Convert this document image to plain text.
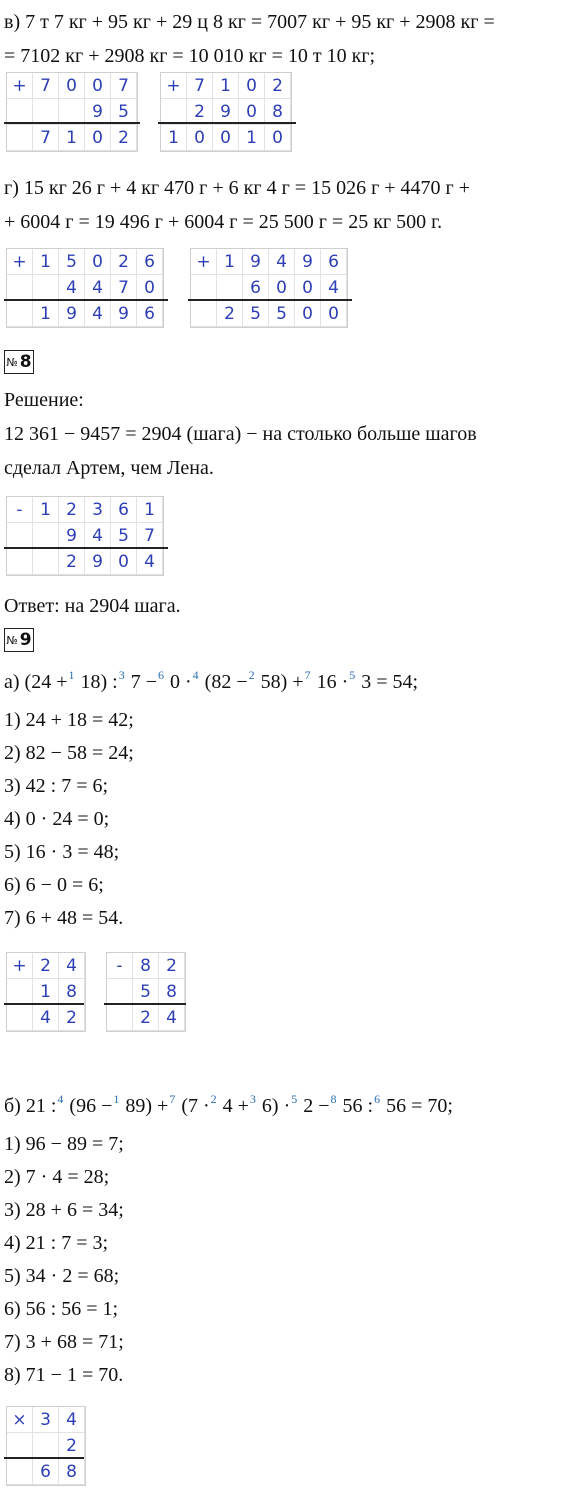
в) 7 т 7 кг + 95 кг + 29 ц 8 кг = 7007 кг + 95 кг + 2908 кг =
= 7102 кг + 2908 кг = 10 010 кг = 10 т 10 кг;
+ 7 0 0 7
9 5
7 1 0 2
+ 7 1 0 2
2 9 0 8
1 0 0 1 0
г) 15 кг 26 г + 4 кг 470 г + 6 кг 4 г = 15 026 г + 4470 г +
+ 6004 г = 19 496 г + 6004 г = 25 500 г = 25 кг 500 г.
+ 1 5 0 2 6
4 4 7 0
1 9 4 9 6
+ 1 9 4 9 6
6 0 0 4
2 5 5 0 0
№ 8
Решение:
12 361 − 9457 = 2904 (шага) − на столько больше шагов
сделал Артем, чем Лена.
-	1 2 3 6 1
9 4 5 7
2 9 0 4
Ответ: на 2904 шага.
№ 9
а) (24 +$^1$ 18) :$^3$ 7 −$^6$ 0 ·$^4$ (82 −$^2$ 58) +$^7$ 16 ·$^5$ 3 = 54;
1) 24 + 18 = 42;
2) 82 − 58 = 24;
3) 42 : 7 = 6;
4) 0 · 24 = 0;
5) 16 · 3 = 48;
6) 6 − 0 = 6;
7) 6 + 48 = 54.
+ 2 4
1 8
4 2
-	8 2
5 8
2 4
б) 21 :$^4$ (96 −$^1$ 89) +$^7$ (7 ·$^2$ 4 +$^3$ 6) ·$^5$ 2 −$^8$ 56 :$^6$ 56 = 70;
1) 96 − 89 = 7;
2) 7 · 4 = 28;
3) 28 + 6 = 34;
4) 21 : 7 = 3;
5) 34 · 2 = 68;
6) 56 : 56 = 1;
7) 3 + 68 = 71;
8) 71 − 1 = 70.
× 3 4
2
6 8
